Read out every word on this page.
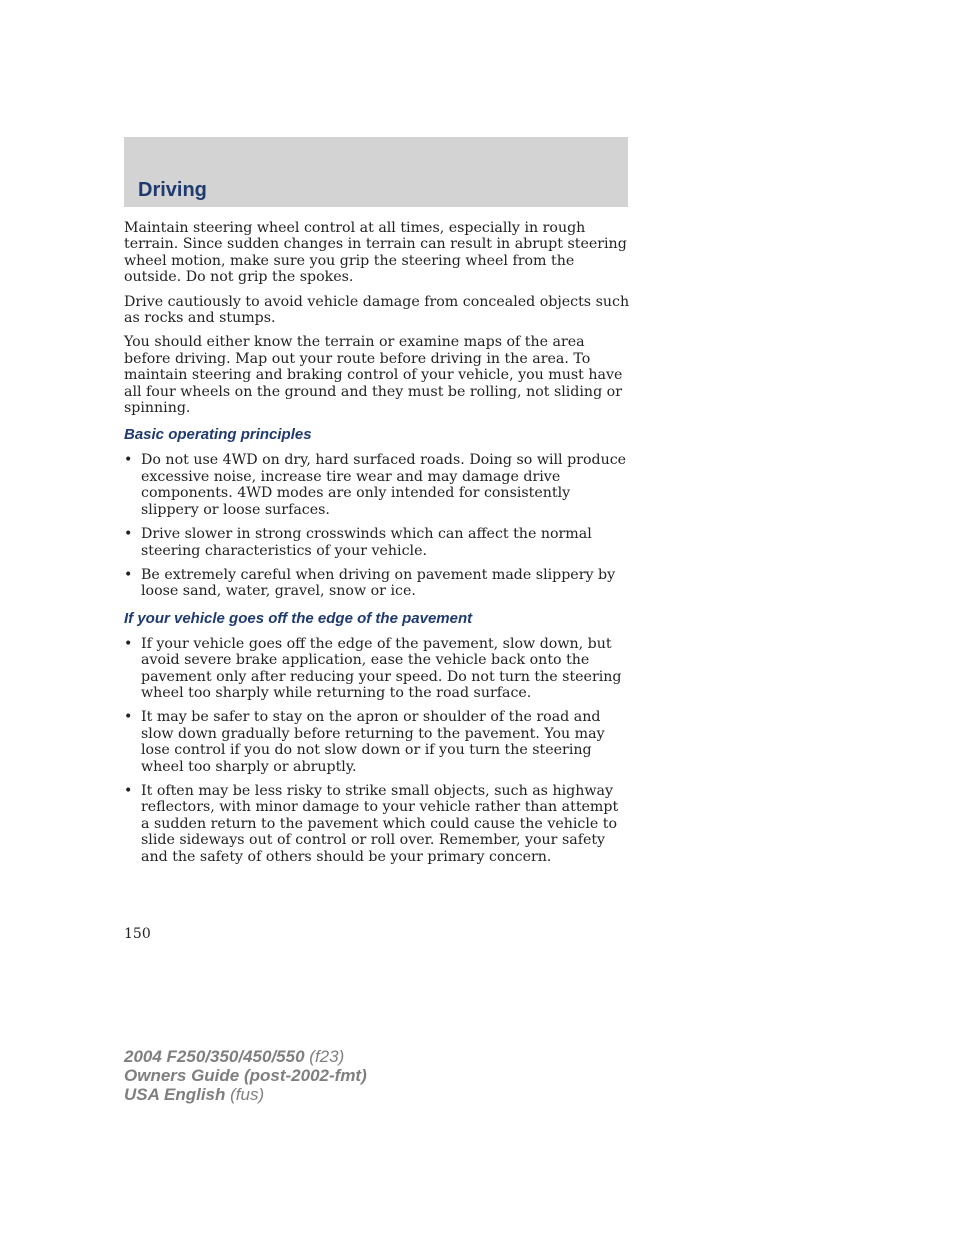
Driving

Maintain steering wheel control at all times, especially in rough terrain. Since sudden changes in terrain can result in abrupt steering wheel motion, make sure you grip the steering wheel from the outside. Do not grip the spokes.

Drive cautiously to avoid vehicle damage from concealed objects such as rocks and stumps.

You should either know the terrain or examine maps of the area before driving. Map out your route before driving in the area. To maintain steering and braking control of your vehicle, you must have all four wheels on the ground and they must be rolling, not sliding or spinning.

Basic operating principles
• Do not use 4WD on dry, hard surfaced roads. Doing so will produce excessive noise, increase tire wear and may damage drive components. 4WD modes are only intended for consistently slippery or loose surfaces.
• Drive slower in strong crosswinds which can affect the normal steering characteristics of your vehicle.
• Be extremely careful when driving on pavement made slippery by loose sand, water, gravel, snow or ice.
If your vehicle goes off the edge of the pavement
• If your vehicle goes off the edge of the pavement, slow down, but avoid severe brake application, ease the vehicle back onto the pavement only after reducing your speed. Do not turn the steering wheel too sharply while returning to the road surface.
• It may be safer to stay on the apron or shoulder of the road and slow down gradually before returning to the pavement. You may lose control if you do not slow down or if you turn the steering wheel too sharply or abruptly.
• It often may be less risky to strike small objects, such as highway reflectors, with minor damage to your vehicle rather than attempt a sudden return to the pavement which could cause the vehicle to slide sideways out of control or roll over. Remember, your safety and the safety of others should be your primary concern.
150
2004 F250/350/450/550 (f23)
Owners Guide (post-2002-fmt)
USA English (fus)
